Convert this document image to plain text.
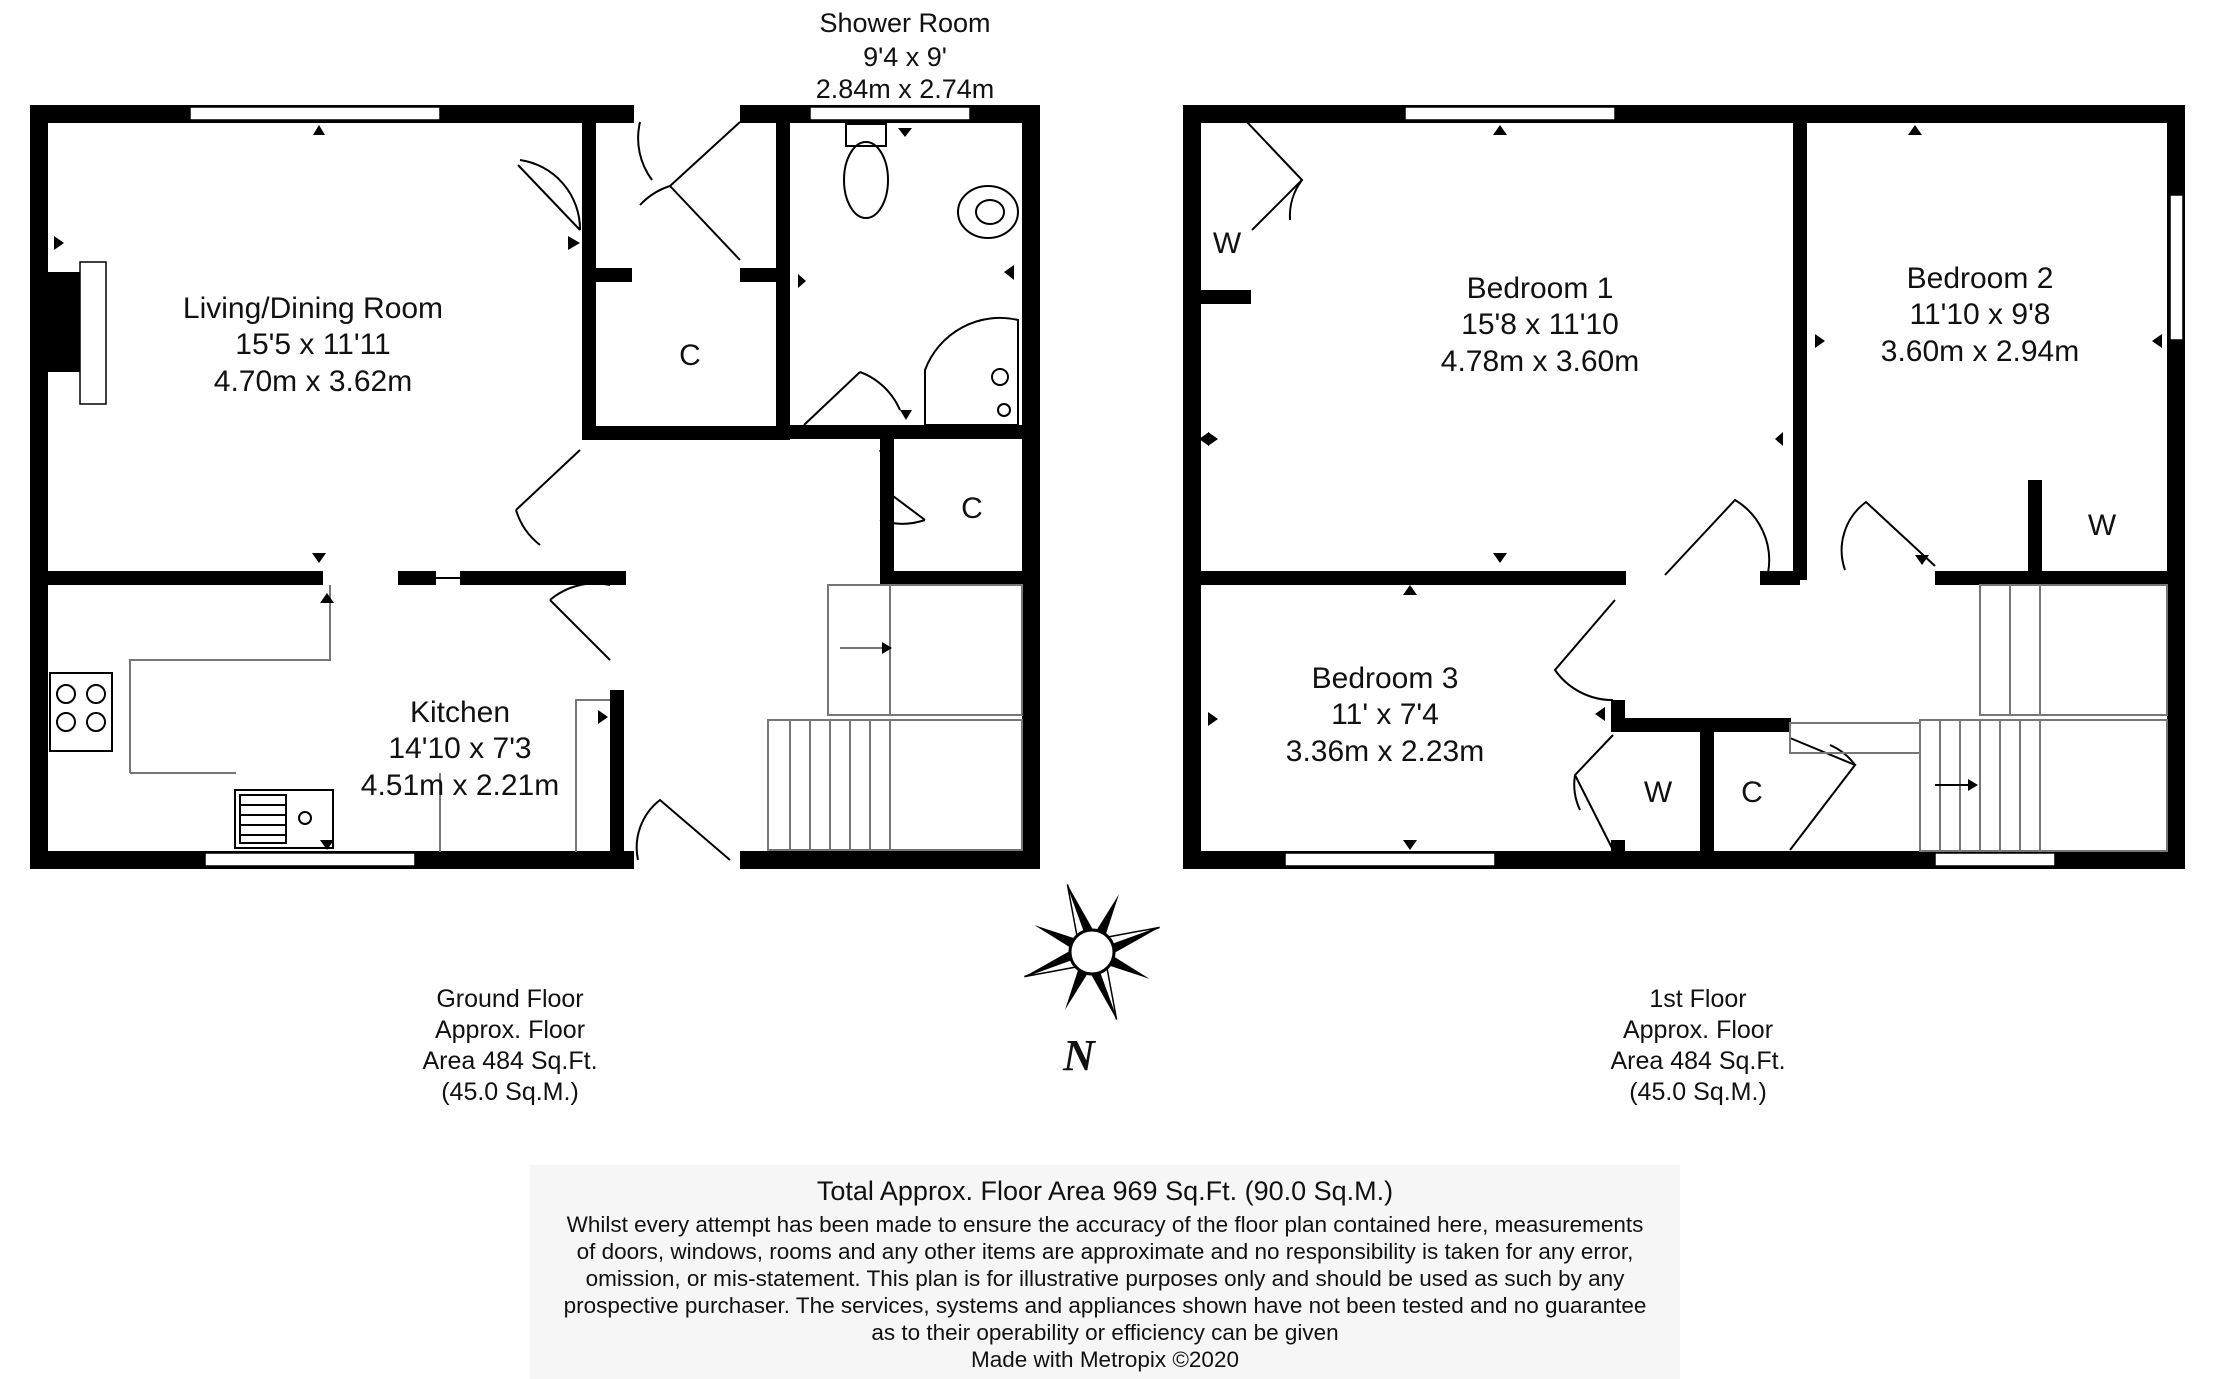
Living/Dining Room
15'5 x 11'11
4.70m x 3.62m
Kitchen
14'10 x 7'3
4.51m x 2.21m
Shower Room
9'4 x 9'
2.84m x 2.74m
C
C
Ground Floor
Approx. Floor
Area 484 Sq.Ft.
(45.0 Sq.M.)
Bedroom 1
15'8 x 11'10
4.78m x 3.60m
Bedroom 2
11'10 x 9'8
3.60m x 2.94m
Bedroom 3
11' x 7'4
3.36m x 2.23m
W
W
W C
1st Floor
Approx. Floor
Area 484 Sq.Ft.
(45.0 Sq.M.)
N
Total Approx. Floor Area 969 Sq.Ft. (90.0 Sq.M.)
Whilst every attempt has been made to ensure the accuracy of the floor plan contained here, measurements
of doors, windows, rooms and any other items are approximate and no responsibility is taken for any error,
omission, or mis-statement. This plan is for illustrative purposes only and should be used as such by any
prospective purchaser. The services, systems and appliances shown have not been tested and no guarantee
as to their operability or efficiency can be given
Made with Metropix ©2020
